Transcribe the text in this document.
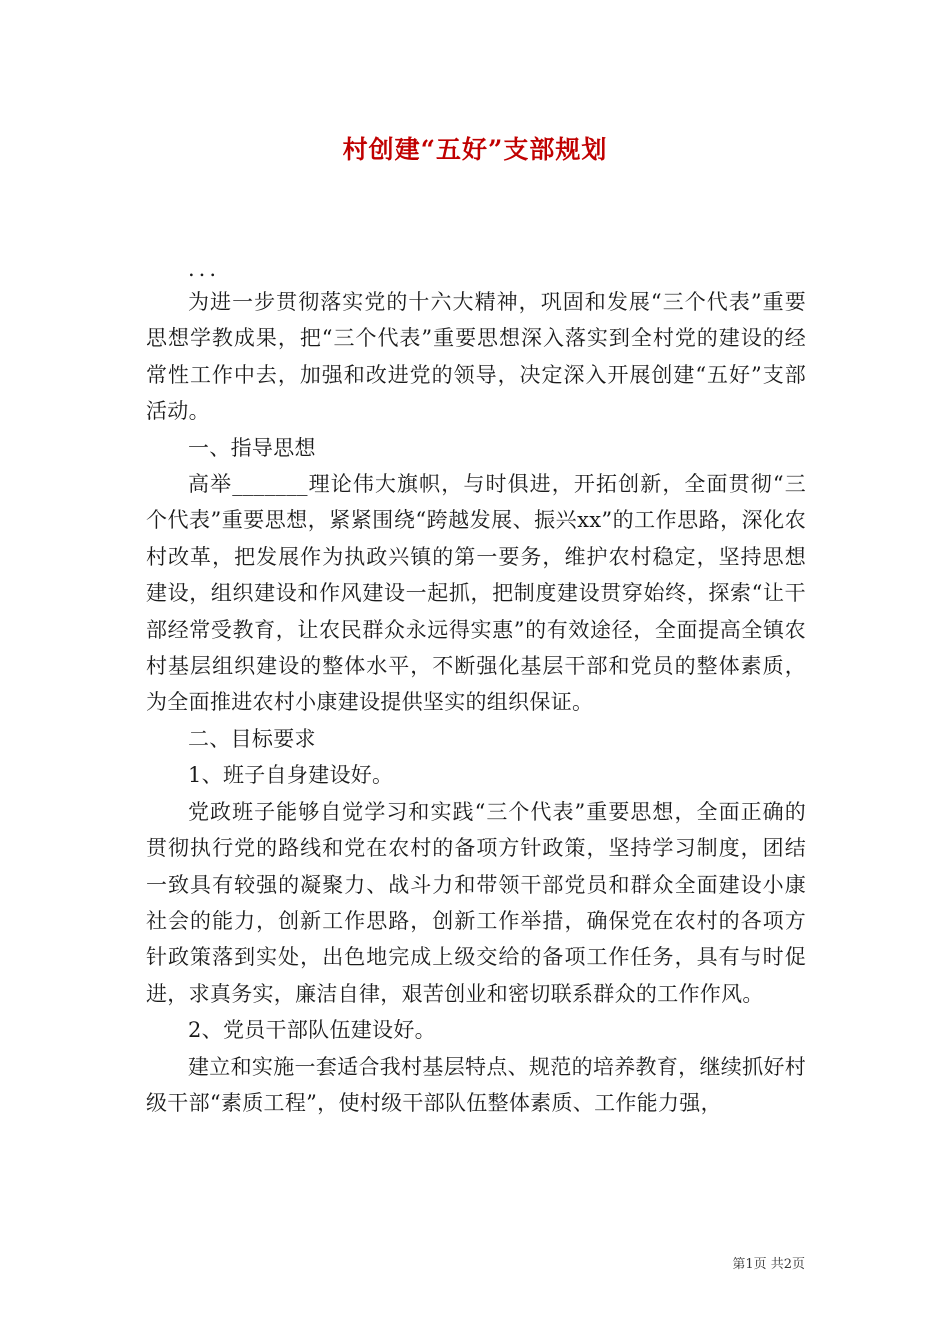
村创建“五好”支部规划

...

为进一步贯彻落实党的十六大精神，巩固和发展“三个代表”重要思想学教成果，把“三个代表”重要思想深入落实到全村党的建设的经常性工作中去，加强和改进党的领导，决定深入开展创建“五好”支部活动。

一、指导思想

高举_______理论伟大旗帜，与时俱进，开拓创新，全面贯彻“三个代表”重要思想，紧紧围绕“跨越发展、振兴xx”的工作思路，深化农村改革，把发展作为执政兴镇的第一要务，维护农村稳定，坚持思想建设，组织建设和作风建设一起抓，把制度建设贯穿始终，探索“让干部经常受教育，让农民群众永远得实惠”的有效途径，全面提高全镇农村基层组织建设的整体水平，不断强化基层干部和党员的整体素质，为全面推进农村小康建设提供坚实的组织保证。

二、目标要求

1、班子自身建设好。

党政班子能够自觉学习和实践“三个代表”重要思想，全面正确的贯彻执行党的路线和党在农村的备项方针政策，坚持学习制度，团结一致具有较强的凝聚力、战斗力和带领干部党员和群众全面建设小康社会的能力，创新工作思路，创新工作举措，确保党在农村的各项方针政策落到实处，出色地完成上级交给的备项工作任务，具有与时促进，求真务实，廉洁自律，艰苦创业和密切联系群众的工作作风。

2、党员干部队伍建设好。

建立和实施一套适合我村基层特点、规范的培养教育，继续抓好村级干部“素质工程”，使村级干部队伍整体素质、工作能力强，

第1页 共2页
